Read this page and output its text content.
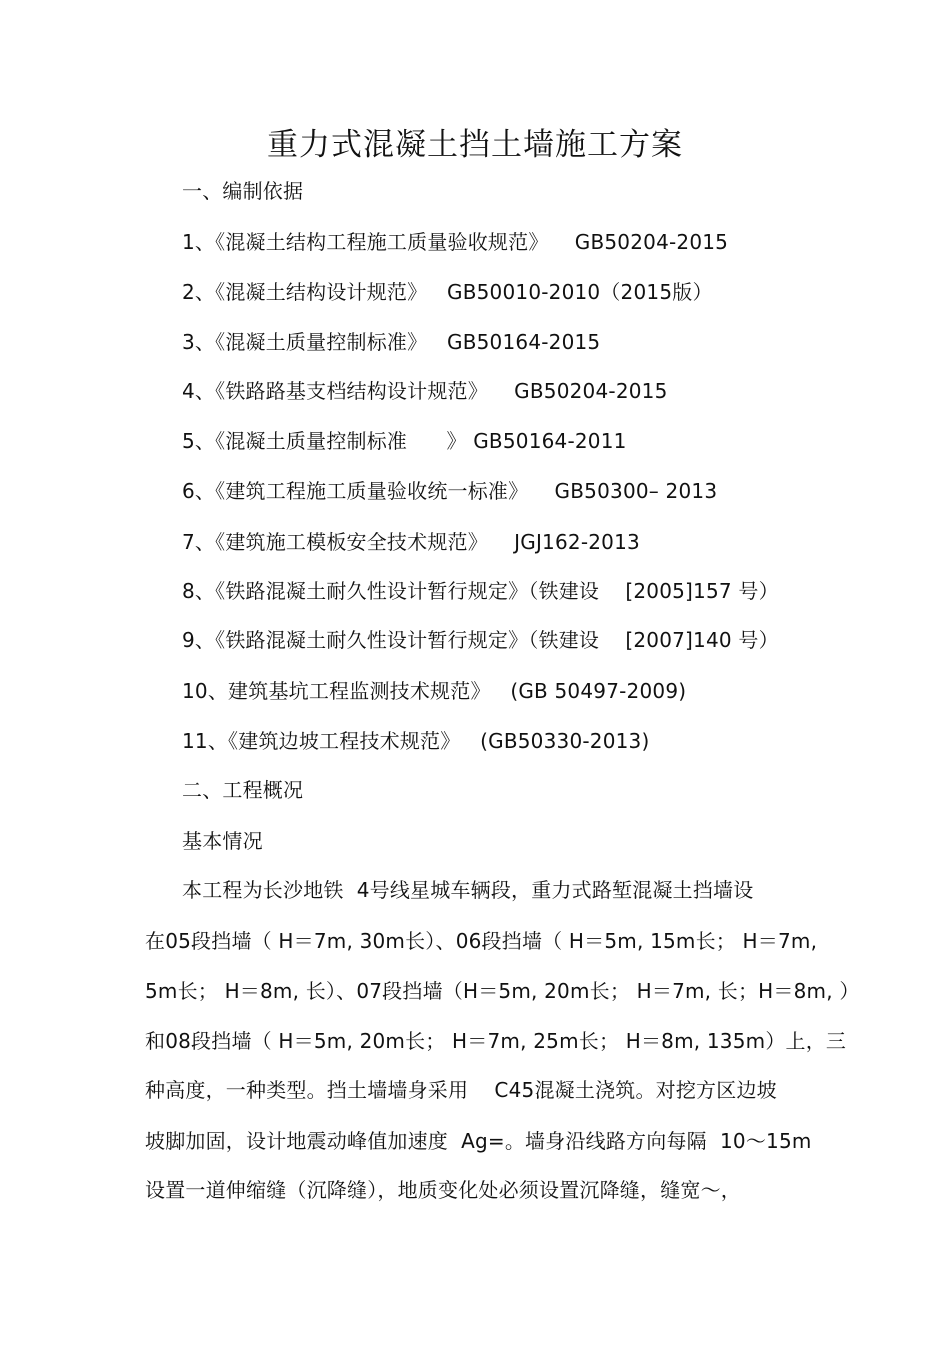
重力式混凝土挡土墙施工方案
一、编制依据
1、《混凝土结构工程施工质量验收规范》    GB50204-2015
2、《混凝土结构设计规范》   GB50010-2010（2015版）
3、《混凝土质量控制标准》   GB50164-2015
4、《铁路路基支档结构设计规范》    GB50204-2015
5、《混凝土质量控制标准      》 GB50164-2011
6、《建筑工程施工质量验收统一标准》    GB50300– 2013
7、《建筑施工模板安全技术规范》    JGJ162-2013
8、《铁路混凝土耐久性设计暂行规定》（铁建设    [2005]157 号）
9、《铁路混凝土耐久性设计暂行规定》（铁建设    [2007]140 号）
10、建筑基坑工程监测技术规范》   (GB 50497-2009)
11、《建筑边坡工程技术规范》   (GB50330-2013)
二、工程概况
基本情况
本工程为长沙地铁  4号线星城车辆段，重力式路堑混凝土挡墙设
在05段挡墙（ H＝7m, 30m长）、06段挡墙（ H＝5m, 15m长； H＝7m,
5m长； H＝8m, 长）、07段挡墙（H＝5m, 20m长； H＝7m, 长；H＝8m, ）
和08段挡墙（ H＝5m, 20m长； H＝7m, 25m长； H＝8m, 135m）上，三
种高度，一种类型。挡土墙墙身采用    C45混凝土浇筑。对挖方区边坡
坡脚加固，设计地震动峰值加速度  Ag=。墙身沿线路方向每隔  10～15m
设置一道伸缩缝（沉降缝），地质变化处必须设置沉降缝，缝宽～，
